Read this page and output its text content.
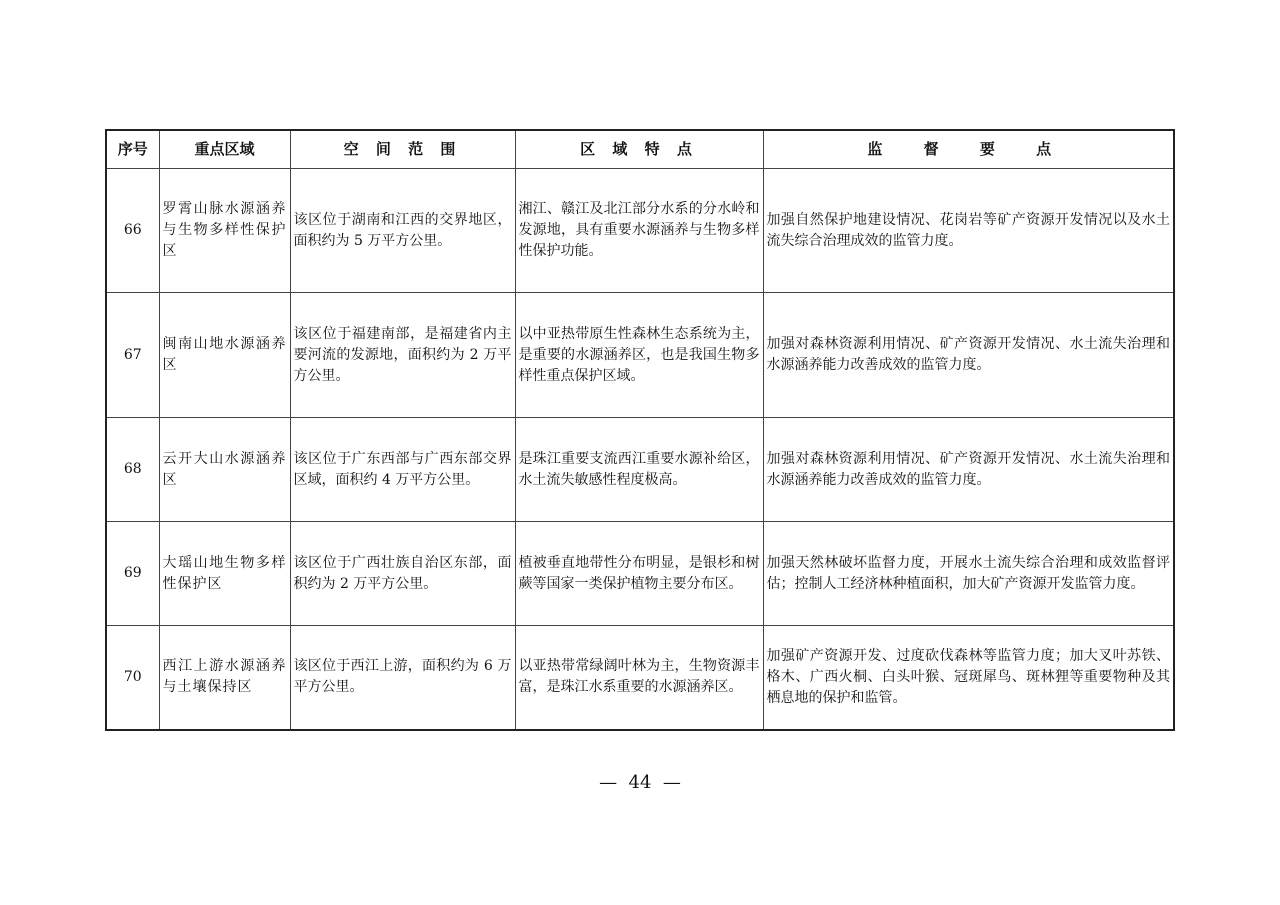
序号	重点区域	空 间 范 围	区 域 特 点	监 督 要 点
66	罗霄山脉水源涵养与生物多样性保护区	该区位于湖南和江西的交界地区，面积约为 5 万平方公里。	湘江、赣江及北江部分水系的分水岭和发源地，具有重要水源涵养与生物多样性保护功能。	加强自然保护地建设情况、花岗岩等矿产资源开发情况以及水土流失综合治理成效的监管力度。
67	闽南山地水源涵养区	该区位于福建南部，是福建省内主要河流的发源地，面积约为 2 万平方公里。	以中亚热带原生性森林生态系统为主，是重要的水源涵养区，也是我国生物多样性重点保护区域。	加强对森林资源利用情况、矿产资源开发情况、水土流失治理和水源涵养能力改善成效的监管力度。
68	云开大山水源涵养区	该区位于广东西部与广西东部交界区域，面积约 4 万平方公里。	是珠江重要支流西江重要水源补给区，水土流失敏感性程度极高。	加强对森林资源利用情况、矿产资源开发情况、水土流失治理和水源涵养能力改善成效的监管力度。
69	大瑶山地生物多样性保护区	该区位于广西壮族自治区东部，面积约为 2 万平方公里。	植被垂直地带性分布明显，是银杉和树蕨等国家一类保护植物主要分布区。	加强天然林破坏监督力度，开展水土流失综合治理和成效监督评估；控制人工经济林种植面积，加大矿产资源开发监管力度。
70	西江上游水源涵养与土壤保持区	该区位于西江上游，面积约为 6 万平方公里。	以亚热带常绿阔叶林为主，生物资源丰富，是珠江水系重要的水源涵养区。	加强矿产资源开发、过度砍伐森林等监管力度；加大叉叶苏铁、格木、广西火桐、白头叶猴、冠斑犀鸟、斑林狸等重要物种及其栖息地的保护和监管。
—  44  —
